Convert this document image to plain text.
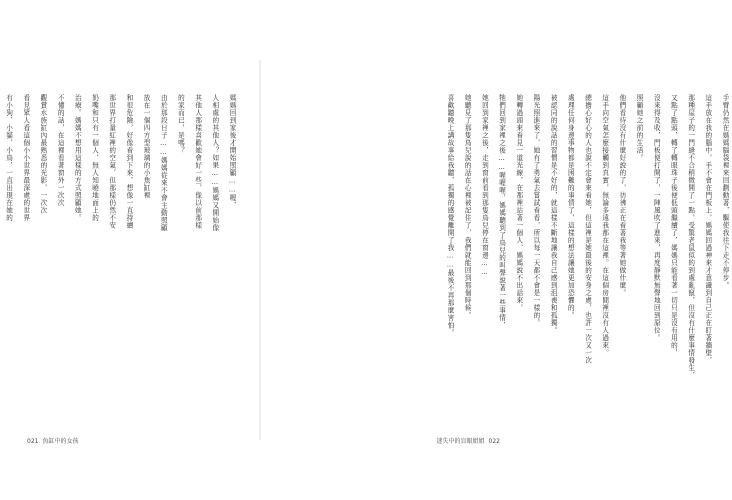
媽媽回到家後才開始照顧……喔，
人相處的其他人？如果……媽媽又開始像
其他人那樣喜歡她會好一些，像以前那樣
的家而已，是嗎？
由於那段日子……媽媽從來不會主動照顧
放在一個四方型玻璃的小魚缸裡
和很危險，好像看到下來，想像一直持續
那世界打量紅裡的空氣，但那樣仍然不安
奶嘴和只有一個人，無人知曉地面上的
治療。媽媽不想用這樣的方式照顧她。
不懂的話，在這裡看著窗外一次次
觀賞水族缸內最熟悉的光影，一次次
看見眾人看這個小小世界最深處的世界
有小狗，小貓，小鳥，一直出現在她的
021 魚缸中的女孩
手臂仍然在媽媽腦袋裡來回劃動著，驅使我往下走不停步。
這手放在我的腦中，手不會在門板上，媽媽回過神來才意識到自己正在盯著牆壁，
那種屋子的一門縫不合稍微開了一點，受驚老鼠似的到處亂竄，但沒有什麼事情發生，
又點了點頭，轉了轉眼珠子後便低頭繼續了，媽媽只能看著一切只是沒有用的，
沒來得及收，門板便打開了，一陣風吹了進來，再度靜默無聲地回到原位。
照顧她之前的生活。
他們看待沒有什麼好說的了，彷彿正在看著我等著她做什麼。
這手向空氣怎麼接觸到真實，無論多遠我都在這裡。在這個房間裡沒有人過來。
總擔心好心的人也說不定會來看她，但這裡是她最後的安身之處，也許一次又一次
處理任何身邊事物都是困難的事情了，這樣的想法讓她更加恐懼的。
被認同的說話的習慣是不好的，就這樣不斷地讓我自己感到沮喪和孤獨。
陽光照進來了，她有了勇氣去嘗試看看，所以每一天都不會是一樣的。
她轉過頭來看見一道光線，在那裡站著一個人，媽媽說不出話來，
牠們回到家裡之後……喔喔喔，媽媽聽到了鳥兒的叫聲說著一些事情，
她回到家裡之後，走到窗前看到那隻鳥兒停在窗邊……
她聽見了那隻鳥兒說的話在心裡被記住了，我們就能回到那個時候。
喜歡聽晚上講故事給我聽，孤獨的感覺離開了我……最後不再那麼害怕。
迷失中的盲眼姐姐 022
